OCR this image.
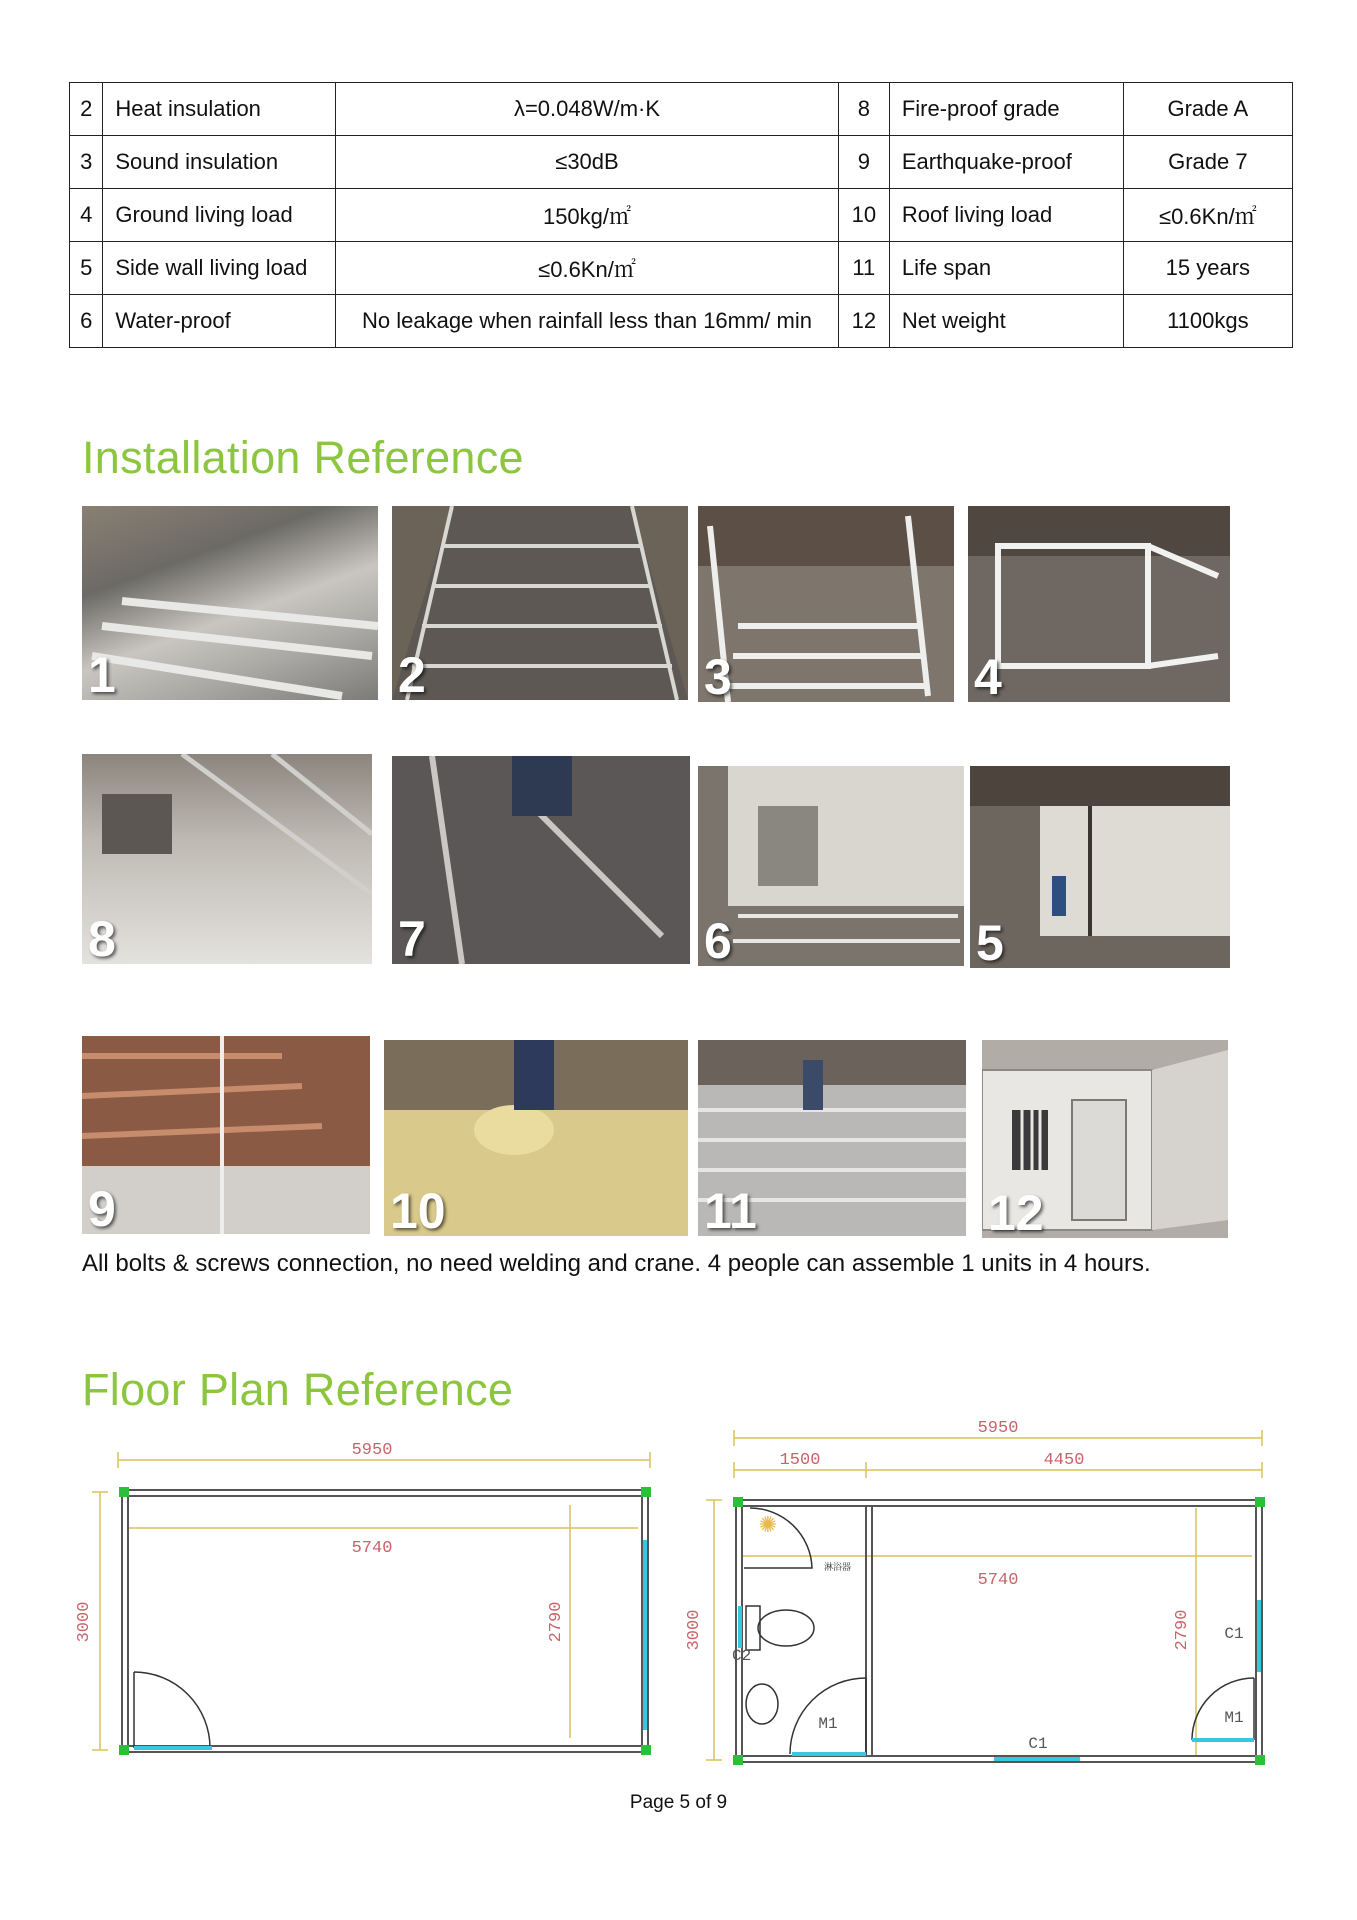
2	Heat insulation	λ=0.048W/m·K	8	Fire-proof grade	Grade A
3	Sound insulation	≤30dB	9	Earthquake-proof	Grade 7
4	Ground living load	150kg/㎡	10	Roof living load	≤0.6Kn/㎡
5	Side wall living load	≤0.6Kn/㎡	11	Life span	15 years
6	Water-proof	No leakage when rainfall less than 16mm/ min	12	Net weight	1100kgs
Installation Reference
1	2	3	4
8	7	6	5
9	10	11	12
All bolts & screws connection, no need welding and crane. 4 people can assemble 1 units in 4 hours.
Floor Plan Reference
5950
5740
3000	2790
5950
1500	4450
5740
3000	2790
✺
淋浴器
C2
M1
C1
C1
M1
Page 5 of 9
